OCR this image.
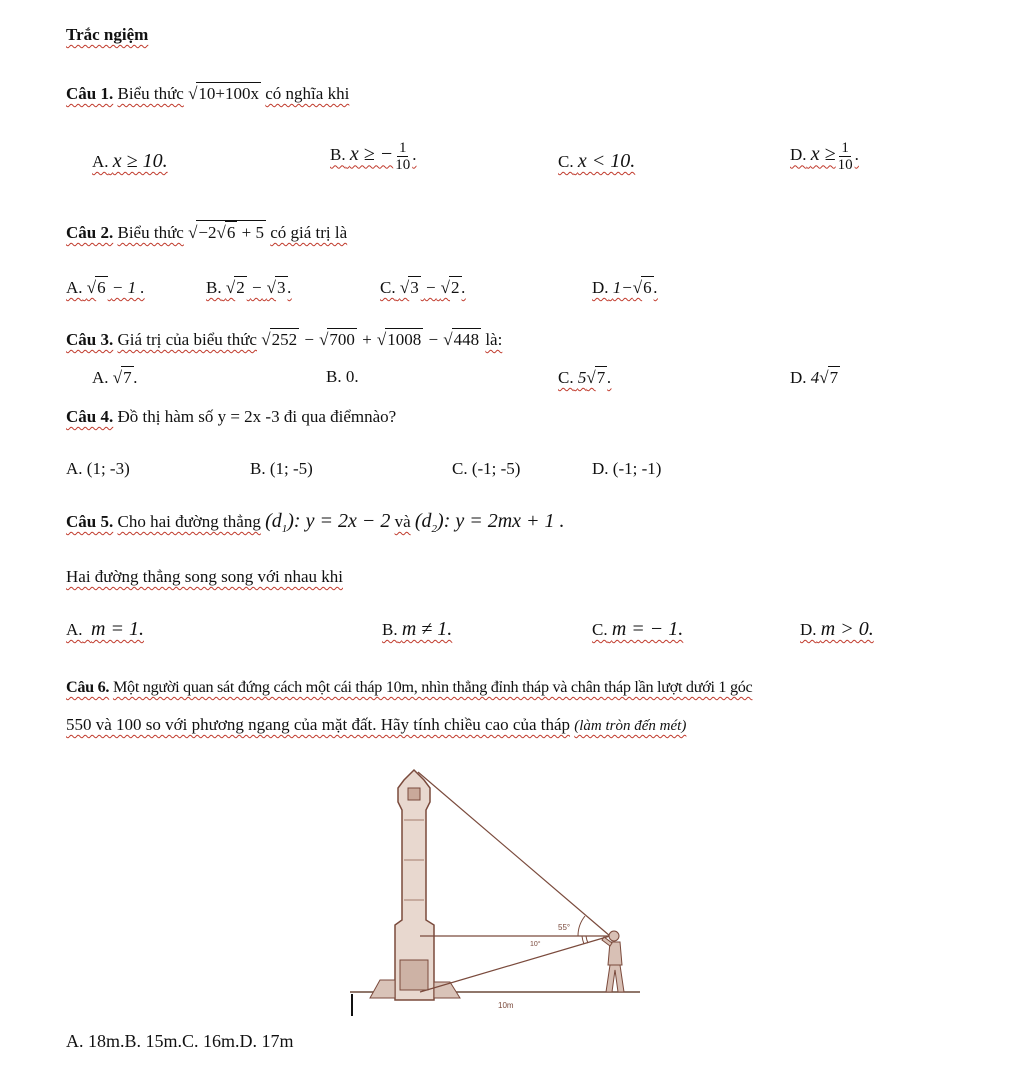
Trắc ngiệm
Câu 1. Biểu thức √10+100x có nghĩa khi
A. x ≥ 10.	B. x ≥ − $\frac{1}{10}$ .	C. x < 10.	D. $x \ge \frac{1}{10}$ .
Câu 2. Biểu thức √−2√6 + 5 có giá trị là
A. √6 − 1 .	B. √2 − √3 .	C. √3 − √2 .	D. 1−√6 .
Câu 3. Giá trị của biểu thức √252 − √700 + √1008 − √448 là:
A. √7 .	B. 0.	C. 5√7 .	D. 4√7
Câu 4. Đồ thị hàm số y = 2x -3 đi qua điểmnào?
A. (1; -3)	B. (1; -5)	C. (-1; -5)	D. (-1; -1)
Câu 5. Cho hai đường thẳng $(d_1)$: y = 2x − 2 và $(d_2)$: y = 2mx + 1 .
Hai đường thẳng song song với nhau khi
A. m = 1.	B. m ≠ 1.	C. m = − 1.	D. m > 0.
Câu 6. Một người quan sát đứng cách một cái tháp 10m, nhìn thẳng đỉnh tháp và chân tháp lần lượt dưới 1 góc
550 và 100 so với phương ngang của mặt đất. Hãy tính chiều cao của tháp (làm tròn đến mét)
55°
10°
10m
A. 18m.B. 15m.C. 16m.D. 17m
